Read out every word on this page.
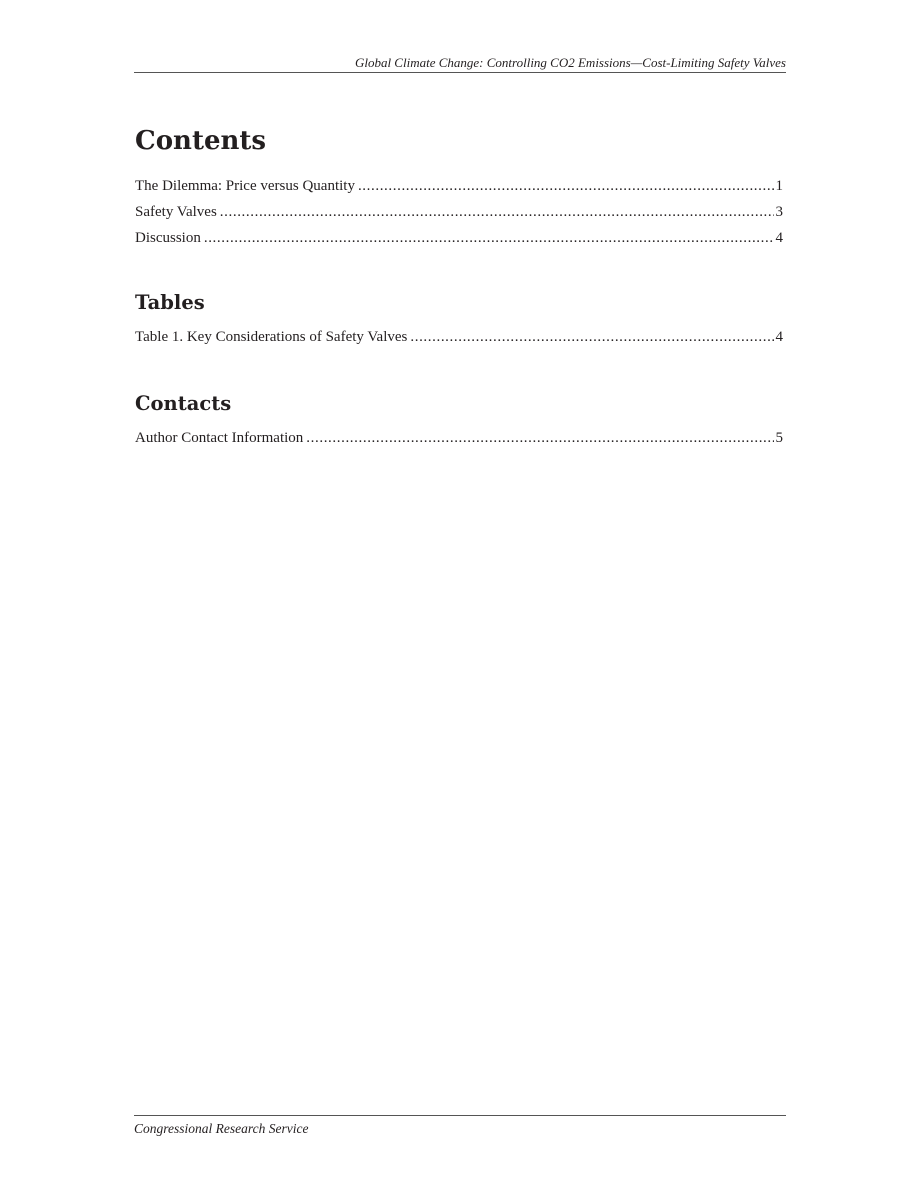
Global Climate Change: Controlling CO2 Emissions—Cost-Limiting Safety Valves
Contents
The Dilemma: Price versus Quantity .....	1
Safety Valves .....	3
Discussion .....	4
Tables
Table 1. Key Considerations of Safety Valves .....	4
Contacts
Author Contact Information .....	5
Congressional Research Service
